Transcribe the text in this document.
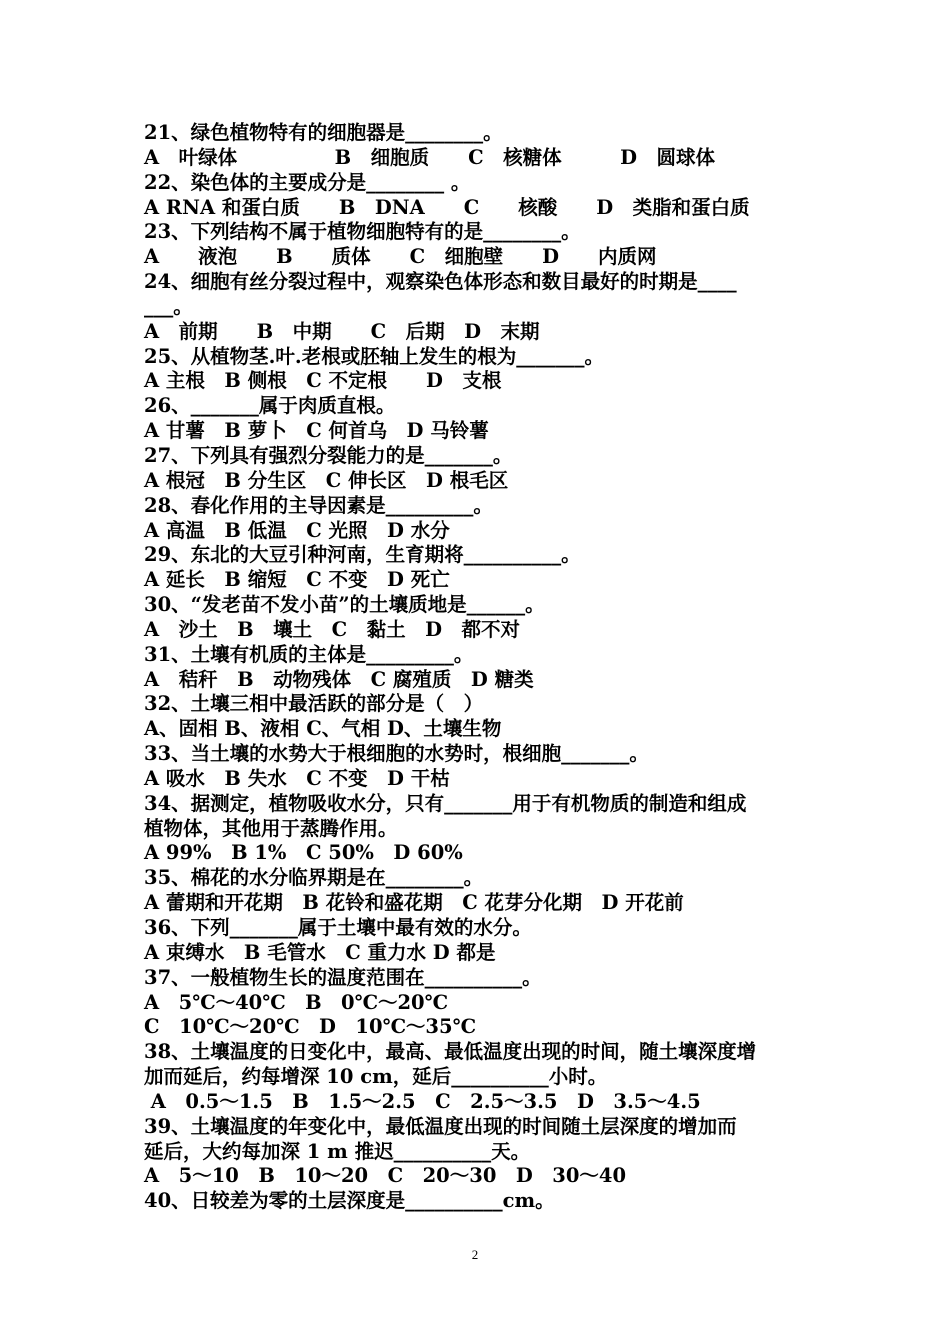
21、绿色植物特有的细胞器是________。
A　叶绿体　　　　　B　细胞质　　C　核糖体　　　D　圆球体
22、染色体的主要成分是________ 。
A RNA 和蛋白质　　B　DNA　　C　　核酸　　D　类脂和蛋白质
23、下列结构不属于植物细胞特有的是________。
A　　液泡　　B　　质体　　C　细胞壁　　D　　内质网
24、细胞有丝分裂过程中，观察染色体形态和数目最好的时期是____
___。
A　前期　　B　中期　　C　后期　D　末期
25、从植物茎.叶.老根或胚轴上发生的根为_______。
A 主根　B 侧根　C 不定根　　D　支根
26、_______属于肉质直根。
A 甘薯　B 萝卜　C 何首乌　D 马铃薯
27、下列具有强烈分裂能力的是_______。
A 根冠　B 分生区　C 伸长区　D 根毛区
28、春化作用的主导因素是_________。
A 高温　B 低温　C 光照　D 水分
29、东北的大豆引种河南，生育期将__________。
A 延长　B 缩短　C 不变　D 死亡
30、“发老苗不发小苗”的土壤质地是______。
A　沙土　B　壤土　C　黏土　D　都不对
31、土壤有机质的主体是_________。
A　秸秆　B　动物残体　C 腐殖质　D 糖类
32、土壤三相中最活跃的部分是（　）
A、固相 B、液相 C、气相 D、土壤生物
33、当土壤的水势大于根细胞的水势时，根细胞_______。
A 吸水　B 失水　C 不变　D 干枯
34、据测定，植物吸收水分，只有_______用于有机物质的制造和组成
植物体，其他用于蒸腾作用。
A 99%　B 1%　C 50%　D 60%
35、棉花的水分临界期是在________。
A 蕾期和开花期　B 花铃和盛花期　C 花芽分化期　D 开花前
36、下列_______属于土壤中最有效的水分。
A 束缚水　B 毛管水　C 重力水 D 都是
37、一般植物生长的温度范围在__________。
A　5℃～40℃　B　0℃～20℃
C　10℃～20℃　D　10℃～35℃
38、土壤温度的日变化中，最高、最低温度出现的时间，随土壤深度增
加而延后，约每增深 10 cm，延后__________小时。
A　0.5～1.5　B　1.5～2.5　C　2.5～3.5　D　3.5～4.5
39、土壤温度的年变化中，最低温度出现的时间随土层深度的增加而
延后，大约每加深 1 m 推迟__________天。
A　5～10　B　10～20　C　20～30　D　30～40
40、日较差为零的土层深度是__________cm。
2
